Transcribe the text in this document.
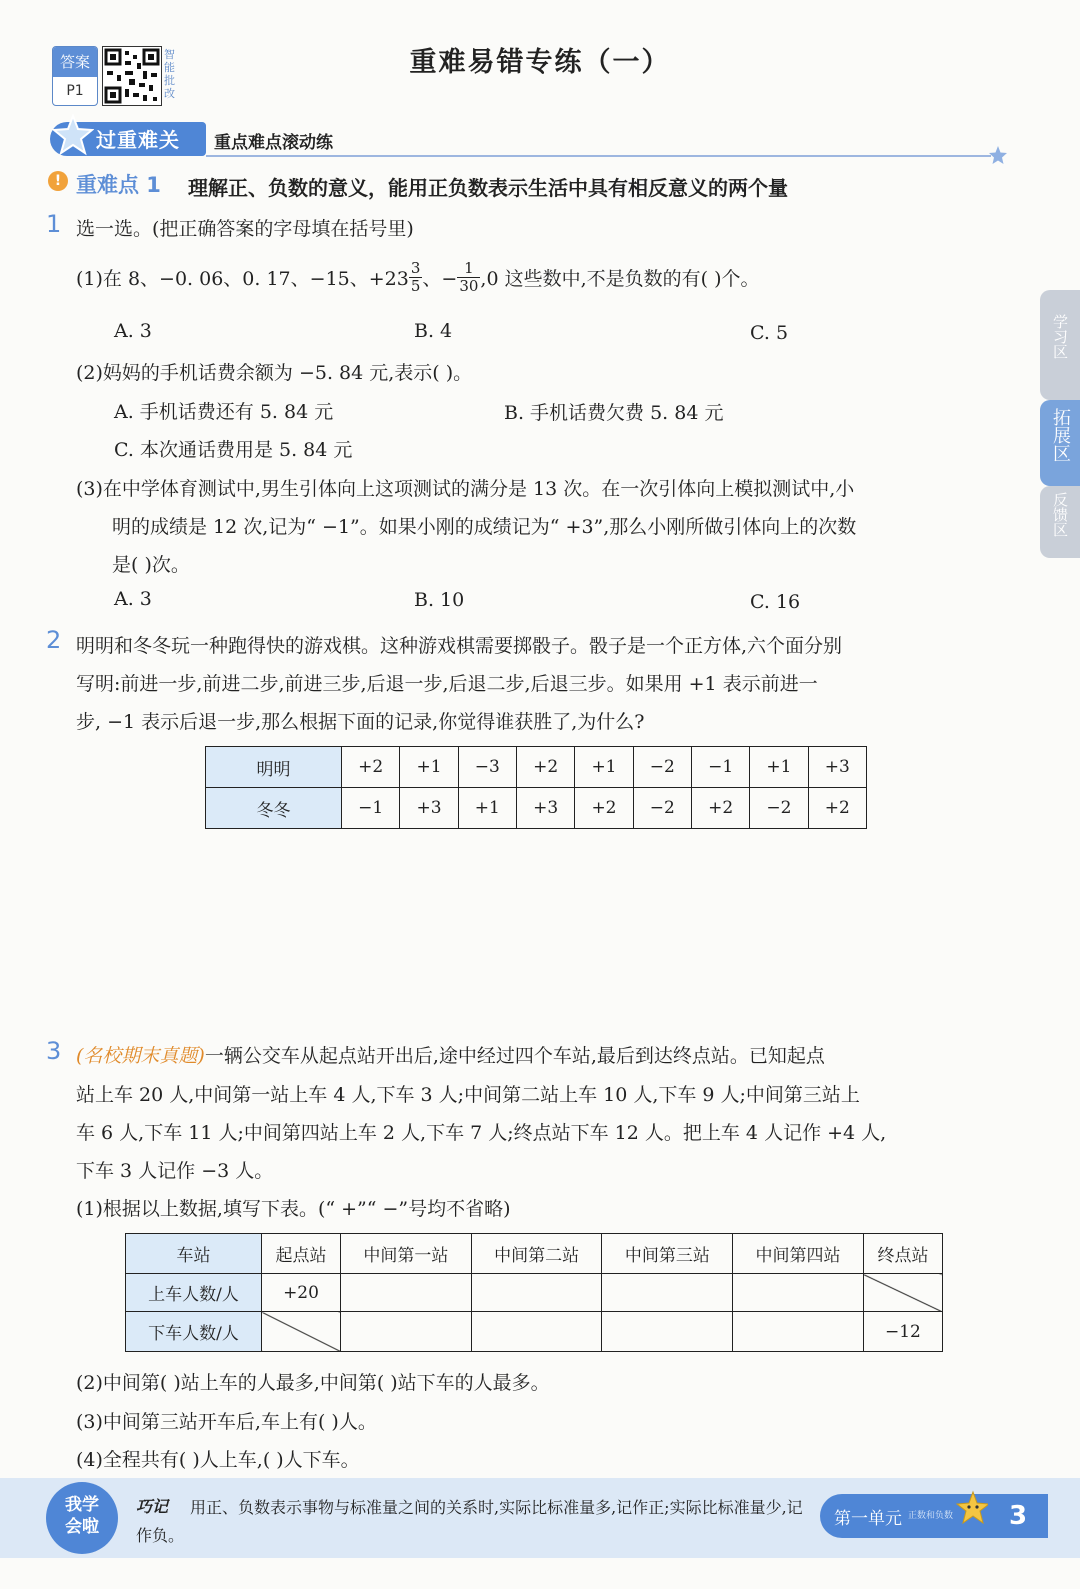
答案
P1
智能批改
重难易错专练（一）
过重难关 重点难点滚动练
! 重难点 1 理解正、负数的意义，能用正负数表示生活中具有相反意义的两个量
1 选一选。(把正确答案的字母填在括号里)
(1)在 8、−0. 06、0. 17、−15、$+23 \frac{3}{5}$ 、− $\frac{1}{30} ,0$ 这些数中,不是负数的有( )个。
A. 3	B. 4	C. 5
(2)妈妈的手机话费余额为 −5. 84 元,表示( )。
A. 手机话费还有 5. 84 元	B. 手机话费欠费 5. 84 元
C. 本次通话费用是 5. 84 元
(3)在中学体育测试中,男生引体向上这项测试的满分是 13 次。在一次引体向上模拟测试中,小
明的成绩是 12 次,记为“ −1”。如果小刚的成绩记为“ +3”,那么小刚所做引体向上的次数
是( )次。
A. 3	B. 10	C. 16
2 明明和冬冬玩一种跑得快的游戏棋。这种游戏棋需要掷骰子。骰子是一个正方体,六个面分别
写明:前进一步,前进二步,前进三步,后退一步,后退二步,后退三步。如果用 +1 表示前进一
步, −1 表示后退一步,那么根据下面的记录,你觉得谁获胜了,为什么?
明明	+2	+1	−3	+2	+1	−2	−1	+1	+3
冬冬	−1	+3	+1	+3	+2	−2	+2	−2	+2
3 (名校期末真题)一辆公交车从起点站开出后,途中经过四个车站,最后到达终点站。已知起点
站上车 20 人,中间第一站上车 4 人,下车 3 人;中间第二站上车 10 人,下车 9 人;中间第三站上
车 6 人,下车 11 人;中间第四站上车 2 人,下车 7 人;终点站下车 12 人。把上车 4 人记作 +4 人,
下车 3 人记作 −3 人。
(1)根据以上数据,填写下表。(“ +”“ −”号均不省略)
车站	起点站	中间第一站	中间第二站	中间第三站	中间第四站	终点站
上车人数/人	+20					
下车人数/人						−12
(2)中间第( )站上车的人最多,中间第( )站下车的人最多。
(3)中间第三站开车后,车上有( )人。
(4)全程共有( )人上车,( )人下车。
学习区
拓展区
反馈区
我学会啦
用正、负数表示事物与标准量之间的关系时,实际比标准量多,记作正;实际比标准量少,记作负。
巧记
第一单元 正数和负数	3
